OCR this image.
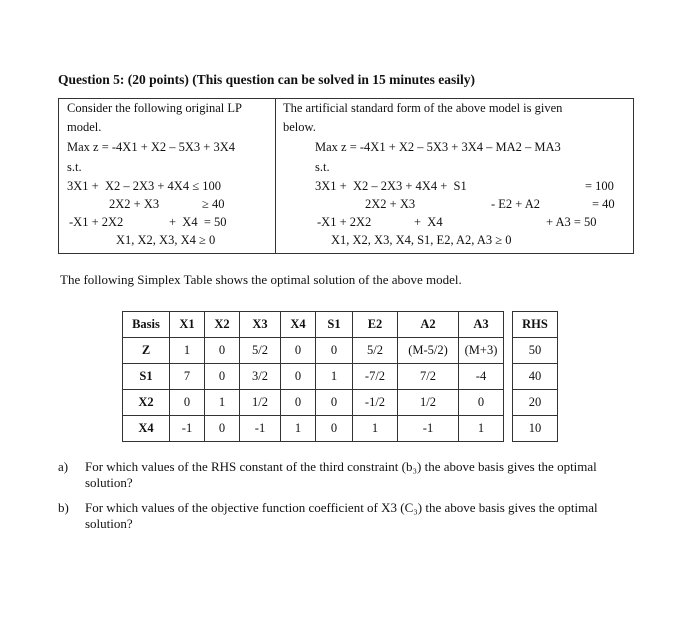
Question 5: (20 points) (This question can be solved in 15 minutes easily)
Consider the following original LP
model.
Max z = -4X1 + X2 – 5X3 + 3X4
s.t.
3X1 +  X2 – 2X3 + 4X4 ≤ 100
2X2 + X3	≥ 40
-X1 + 2X2	+  X4  = 50
X1, X2, X3, X4 ≥ 0
The artificial standard form of the above model is given
below.
Max z = -4X1 + X2 – 5X3 + 3X4 – MA2 – MA3
s.t.
3X1 +  X2 – 2X3 + 4X4 +  S1	= 100
2X2 + X3	- E2 + A2	= 40
-X1 + 2X2	+  X4	+ A3 = 50
X1, X2, X3, X4, S1, E2, A2, A3 ≥ 0
The following Simplex Table shows the optimal solution of the above model.
Basis	X1	X2	X3	X4	S1	E2	A2	A3		RHS
Z	1	0	5/2	0	0	5/2	(M-5/2)	(M+3)		50
S1	7	0	3/2	0	1	-7/2	7/2	-4		40
X2	0	1	1/2	0	0	-1/2	1/2	0		20
X4	-1	0	-1	1	0	1	-1	1		10
a) For which values of the RHS constant of the third constraint (b₃) the above basis gives the optimal solution?
b) For which values of the objective function coefficient of X3 (C₃) the above basis gives the optimal solution?
